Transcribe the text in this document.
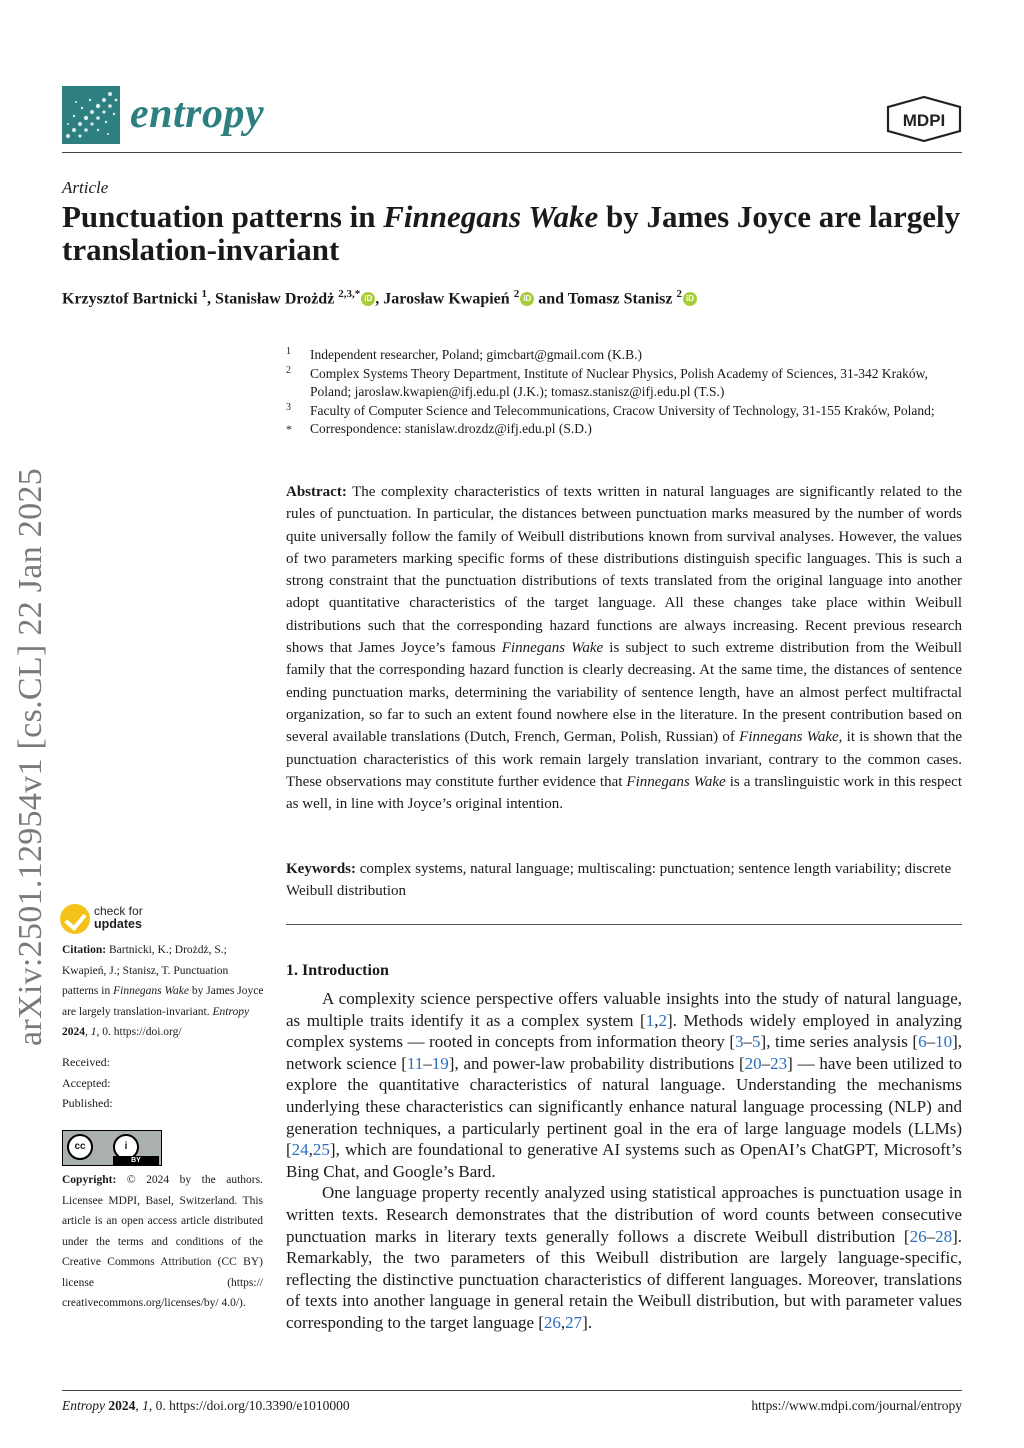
entropy	MDPI
Article
Punctuation patterns in Finnegans Wake by James Joyce are largely translation-invariant
Krzysztof Bartnicki $^1$, Stanisław Drożdż $^{2,3,*}$ iD , Jarosław Kwapień $^2$ iD and Tomasz Stanisz $^2$ iD
1 Independent researcher, Poland; gimcbart@gmail.com (K.B.)
2 Complex Systems Theory Department, Institute of Nuclear Physics, Polish Academy of Sciences, 31-342 Kraków, Poland; jaroslaw.kwapien@ifj.edu.pl (J.K.); tomasz.stanisz@ifj.edu.pl (T.S.)
3 Faculty of Computer Science and Telecommunications, Cracow University of Technology, 31-155 Kraków, Poland;
* Correspondence: stanislaw.drozdz@ifj.edu.pl (S.D.)
Abstract: The complexity characteristics of texts written in natural languages are significantly related to the rules of punctuation. In particular, the distances between punctuation marks measured by the number of words quite universally follow the family of Weibull distributions known from survival analyses. However, the values of two parameters marking specific forms of these distributions distinguish specific languages. This is such a strong constraint that the punctuation distributions of texts translated from the original language into another adopt quantitative characteristics of the target language. All these changes take place within Weibull distributions such that the corresponding hazard functions are always increasing. Recent previous research shows that James Joyce’s famous Finnegans Wake is subject to such extreme distribution from the Weibull family that the corresponding hazard function is clearly decreasing. At the same time, the distances of sentence ending punctuation marks, determining the variability of sentence length, have an almost perfect multifractal organization, so far to such an extent found nowhere else in the literature. In the present contribution based on several available translations (Dutch, French, German, Polish, Russian) of Finnegans Wake, it is shown that the punctuation characteristics of this work remain largely translation invariant, contrary to the common cases. These observations may constitute further evidence that Finnegans Wake is a translinguistic work in this respect as well, in line with Joyce’s original intention.
Keywords: complex systems, natural language; multiscaling: punctuation; sentence length variability; discrete Weibull distribution
arXiv:2501.12954v1 [cs.CL] 22 Jan 2025	check for
updates
Citation: Bartnicki, K.; Drożdż, S.; Kwapień, J.; Stanisz, T. Punctuation patterns in Finnegans Wake by James Joyce are largely translation-invariant. Entropy 2024, 1, 0. https://doi.org/
Received:
Accepted:
Published:
cc	i
BY
Copyright: © 2024 by the authors. Licensee MDPI, Basel, Switzerland. This article is an open access article distributed under the terms and conditions of the Creative Commons Attribution (CC BY) license (https:// creativecommons.org/licenses/by/ 4.0/).
1. Introduction

A complexity science perspective offers valuable insights into the study of natural language, as multiple traits identify it as a complex system [1,2]. Methods widely employed in analyzing complex systems — rooted in concepts from information theory [3–5], time series analysis [6–10], network science [11–19], and power-law probability distributions [20–23] — have been utilized to explore the quantitative characteristics of natural language. Understanding the mechanisms underlying these characteristics can significantly enhance natural language processing (NLP) and generation techniques, a particularly pertinent goal in the era of large language models (LLMs) [24,25], which are foundational to generative AI systems such as OpenAI’s ChatGPT, Microsoft’s Bing Chat, and Google’s Bard.

One language property recently analyzed using statistical approaches is punctuation usage in written texts. Research demonstrates that the distribution of word counts between consecutive punctuation marks in literary texts generally follows a discrete Weibull distribution [26–28]. Remarkably, the two parameters of this Weibull distribution are largely language-specific, reflecting the distinctive punctuation characteristics of different languages. Moreover, translations of texts into another language in general retain the Weibull distribution, but with parameter values corresponding to the target language [26,27].

Entropy 2024, 1, 0. https://doi.org/10.3390/e1010000	https://www.mdpi.com/journal/entropy
